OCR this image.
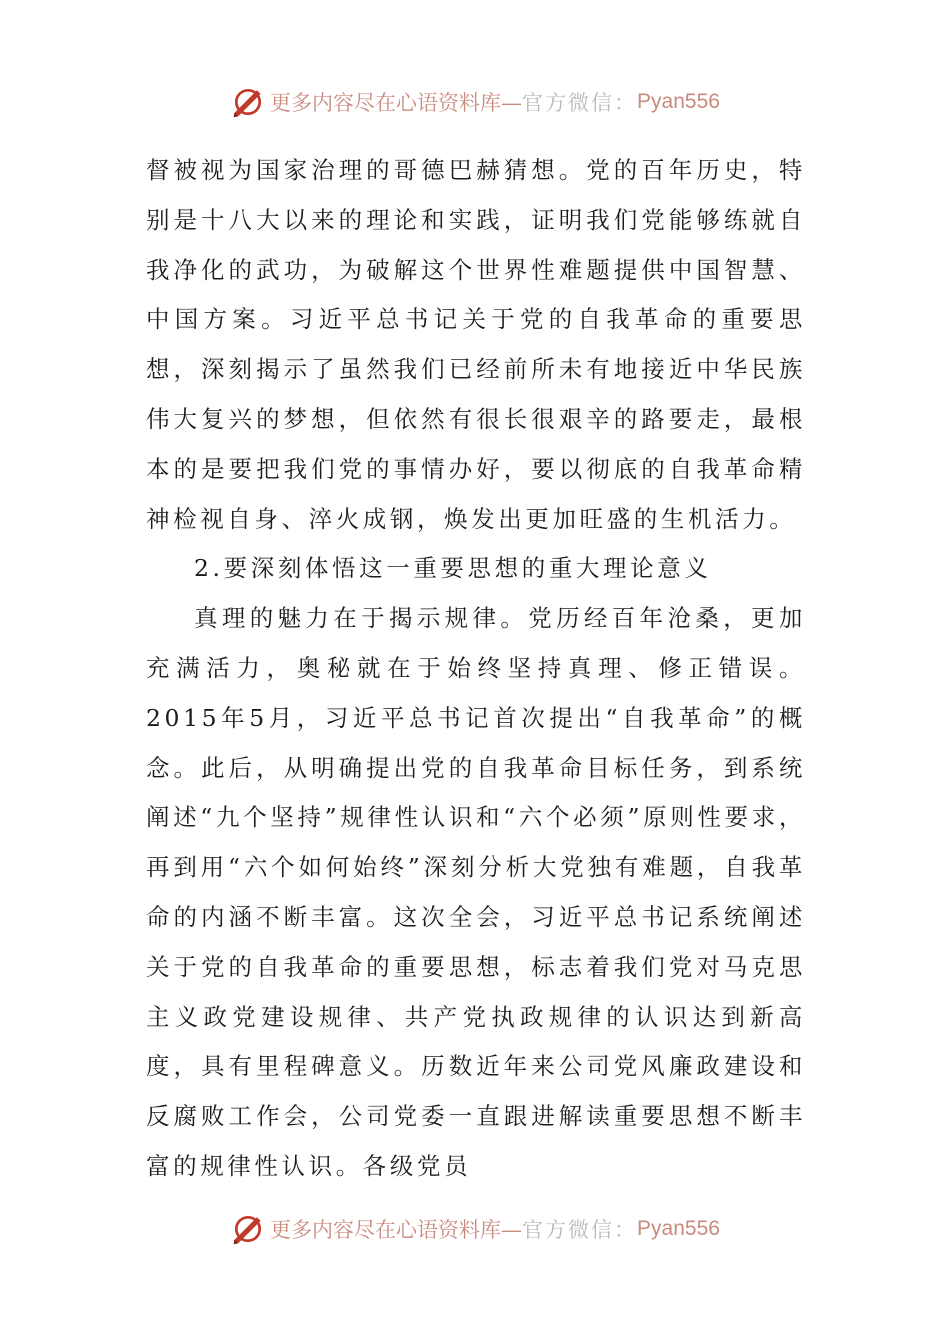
更多内容尽在心语资料库— 官方微信： Pyan556

督被视为国家治理的哥德巴赫猜想。党的百年历史，特别是十八大以来的理论和实践，证明我们党能够练就自我净化的武功，为破解这个世界性难题提供中国智慧、中国方案。习近平总书记关于党的自我革命的重要思想，深刻揭示了虽然我们已经前所未有地接近中华民族伟大复兴的梦想，但依然有很长很艰辛的路要走，最根本的是要把我们党的事情办好，要以彻底的自我革命精神检视自身、淬火成钢，焕发出更加旺盛的生机活力。

2.要深刻体悟这一重要思想的重大理论意义

真理的魅力在于揭示规律。党历经百年沧桑，更加充满活力，奥秘就在于始终坚持真理、修正错误。2015年5月，习近平总书记首次提出“自我革命”的概念。此后，从明确提出党的自我革命目标任务，到系统阐述“九个坚持”规律性认识和“六个必须”原则性要求，再到用“六个如何始终”深刻分析大党独有难题，自我革命的内涵不断丰富。这次全会，习近平总书记系统阐述关于党的自我革命的重要思想，标志着我们党对马克思主义政党建设规律、共产党执政规律的认识达到新高度，具有里程碑意义。历数近年来公司党风廉政建设和反腐败工作会，公司党委一直跟进解读重要思想不断丰富的规律性认识。各级党员

更多内容尽在心语资料库— 官方微信： Pyan556
